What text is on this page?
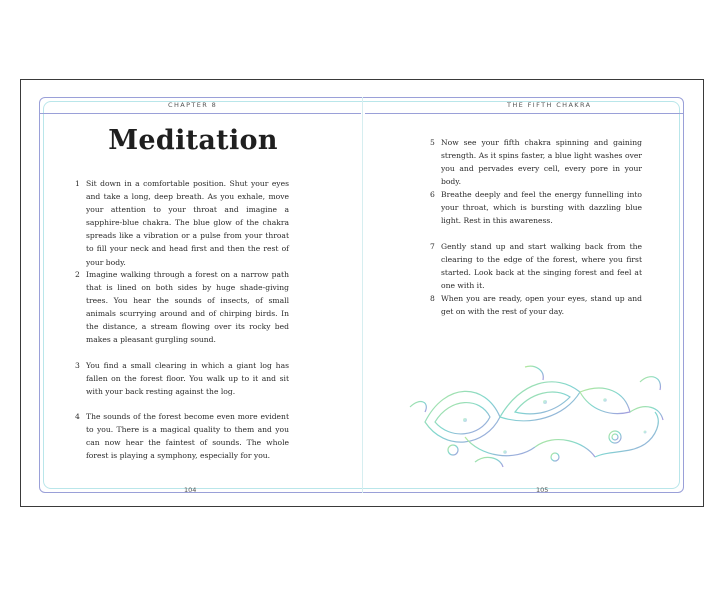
CHAPTER 8	THE FIFTH CHAKRA
Meditation
1 Sit down in a comfortable position. Shut your eyes and take a long, deep breath. As you exhale, move your attention to your throat and imagine a sapphire-blue chakra. The blue glow of the chakra spreads like a vibration or a pulse from your throat to fill your neck and head first and then the rest of your body.
2 Imagine walking through a forest on a narrow path that is lined on both sides by huge shade-giving trees. You hear the sounds of insects, of small animals scurrying around and of chirping birds. In the distance, a stream flowing over its rocky bed makes a pleasant gurgling sound.
3 You find a small clearing in which a giant log has fallen on the forest floor. You walk up to it and sit with your back resting against the log.
4 The sounds of the forest become even more evident to you. There is a magical quality to them and you can now hear the faintest of sounds. The whole forest is playing a symphony, especially for you.
5 Now see your fifth chakra spinning and gaining strength. As it spins faster, a blue light washes over you and pervades every cell, every pore in your body.
6 Breathe deeply and feel the energy funnelling into your throat, which is bursting with dazzling blue light. Rest in this awareness.
7 Gently stand up and start walking back from the clearing to the edge of the forest, where you first started. Look back at the singing forest and feel at one with it.
8 When you are ready, open your eyes, stand up and get on with the rest of your day.
104	105
